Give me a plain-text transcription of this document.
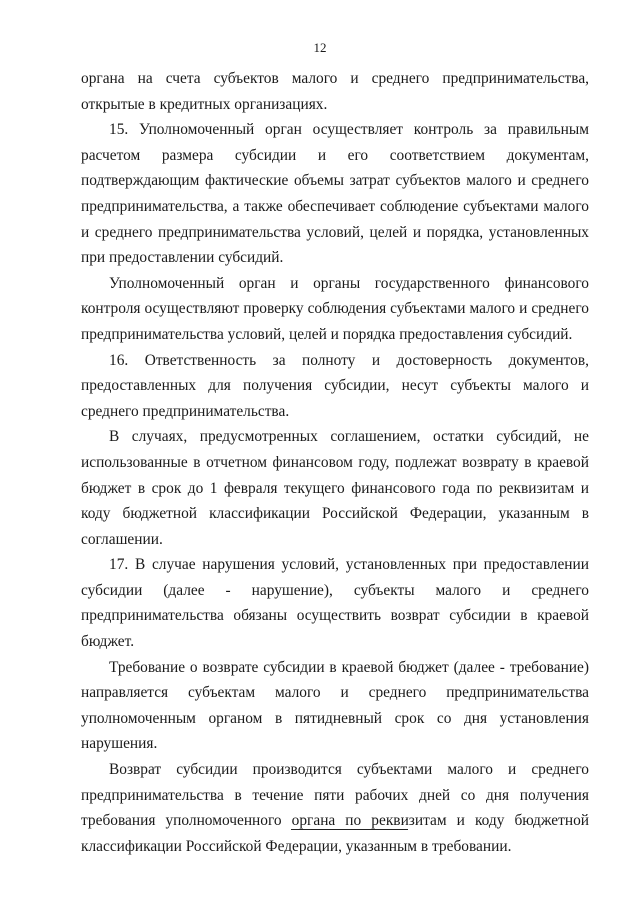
12

органа на счета субъектов малого и среднего предпринимательства, открытые в кредитных организациях.

15. Уполномоченный орган осуществляет контроль за правильным расчетом размера субсидии и его соответствием документам, подтверждающим фактические объемы затрат субъектов малого и среднего предпринимательства, а также обеспечивает соблюдение субъектами малого и среднего предпринимательства условий, целей и порядка, установленных при предоставлении субсидий.

Уполномоченный орган и органы государственного финансового контроля осуществляют проверку соблюдения субъектами малого и среднего предпринимательства условий, целей и порядка предоставления субсидий.

16. Ответственность за полноту и достоверность документов, предоставленных для получения субсидии, несут субъекты малого и среднего предпринимательства.

В случаях, предусмотренных соглашением, остатки субсидий, не использованные в отчетном финансовом году, подлежат возврату в краевой бюджет в срок до 1 февраля текущего финансового года по реквизитам и коду бюджетной классификации Российской Федерации, указанным в соглашении.

17. В случае нарушения условий, установленных при предоставлении субсидии (далее - нарушение), субъекты малого и среднего предпринимательства обязаны осуществить возврат субсидии в краевой бюджет.

Требование о возврате субсидии в краевой бюджет (далее - требование) направляется субъектам малого и среднего предпринимательства уполномоченным органом в пятидневный срок со дня установления нарушения.

Возврат субсидии производится субъектами малого и среднего предпринимательства в течение пяти рабочих дней со дня получения требования уполномоченного органа по реквизитам и коду бюджетной классификации Российской Федерации, указанным в требовании.
